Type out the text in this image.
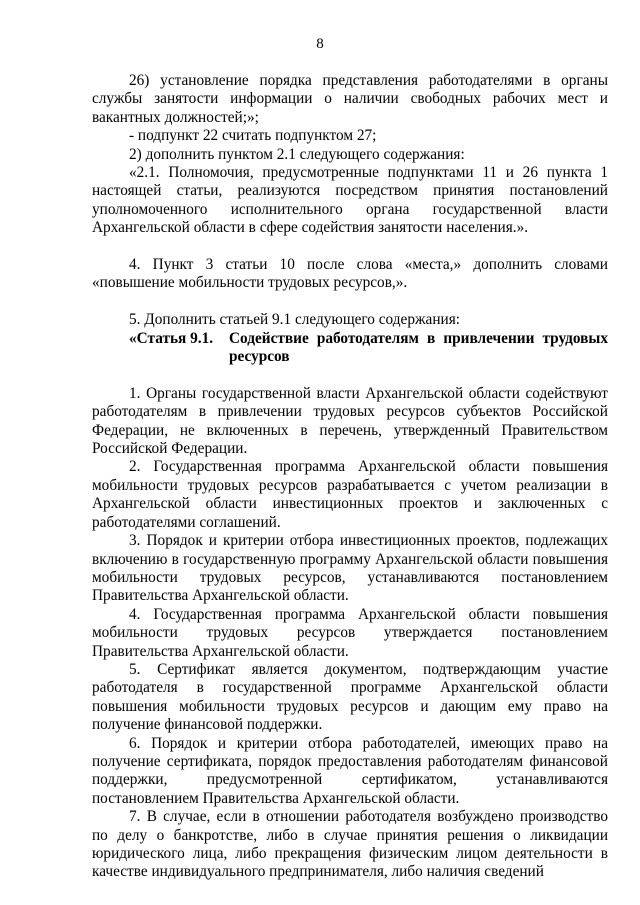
8

26) установление порядка представления работодателями в органы службы занятости информации о наличии свободных рабочих мест и вакантных должностей;»;

- подпункт 22 считать подпунктом 27;

2) дополнить пунктом 2.1 следующего содержания:

«2.1. Полномочия, предусмотренные подпунктами 11 и 26 пункта 1 настоящей статьи, реализуются посредством принятия постановлений уполномоченного исполнительного органа государственной власти Архангельской области в сфере содействия занятости населения.».

4. Пункт 3 статьи 10 после слова «места,» дополнить словами «повышение мобильности трудовых ресурсов,».

5. Дополнить статьей 9.1 следующего содержания:

«Статья 9.1.	Содействие работодателям в привлечении трудовых ресурсов

1. Органы государственной власти Архангельской области содействуют работодателям в привлечении трудовых ресурсов субъектов Российской Федерации, не включенных в перечень, утвержденный Правительством Российской Федерации.

2. Государственная программа Архангельской области повышения мобильности трудовых ресурсов разрабатывается с учетом реализации в Архангельской области инвестиционных проектов и заключенных с работодателями соглашений.

3. Порядок и критерии отбора инвестиционных проектов, подлежащих включению в государственную программу Архангельской области повышения мобильности трудовых ресурсов, устанавливаются постановлением Правительства Архангельской области.

4. Государственная программа Архангельской области повышения мобильности трудовых ресурсов утверждается постановлением Правительства Архангельской области.

5. Сертификат является документом, подтверждающим участие работодателя в государственной программе Архангельской области повышения мобильности трудовых ресурсов и дающим ему право на получение финансовой поддержки.

6. Порядок и критерии отбора работодателей, имеющих право на получение сертификата, порядок предоставления работодателям финансовой поддержки, предусмотренной сертификатом, устанавливаются постановлением Правительства Архангельской области.

7. В случае, если в отношении работодателя возбуждено производство по делу о банкротстве, либо в случае принятия решения о ликвидации юридического лица, либо прекращения физическим лицом деятельности в качестве индивидуального предпринимателя, либо наличия сведений
